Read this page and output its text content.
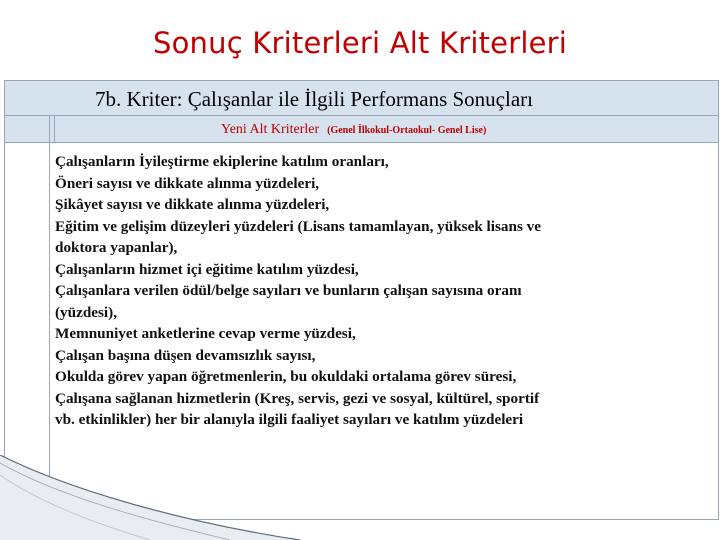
Sonuç Kriterleri Alt Kriterleri
7b. Kriter: Çalışanlar ile İlgili Performans Sonuçları
Yeni Alt Kriterler (Genel İlkokul-Ortaokul- Genel Lise)
Çalışanların İyileştirme ekiplerine katılım oranları,
Öneri sayısı ve dikkate alınma yüzdeleri,
Şikâyet sayısı ve dikkate alınma yüzdeleri,
Eğitim ve gelişim düzeyleri yüzdeleri (Lisans tamamlayan, yüksek lisans ve
doktora yapanlar),
Çalışanların hizmet içi eğitime katılım yüzdesi,
Çalışanlara verilen ödül/belge sayıları ve bunların çalışan sayısına oranı
(yüzdesi),
Memnuniyet anketlerine cevap verme yüzdesi,
Çalışan başına düşen devamsızlık sayısı,
Okulda görev yapan öğretmenlerin, bu okuldaki ortalama görev süresi,
Çalışana sağlanan hizmetlerin (Kreş, servis, gezi ve sosyal, kültürel, sportif
vb. etkinlikler) her bir alanıyla ilgili faaliyet sayıları ve katılım yüzdeleri
